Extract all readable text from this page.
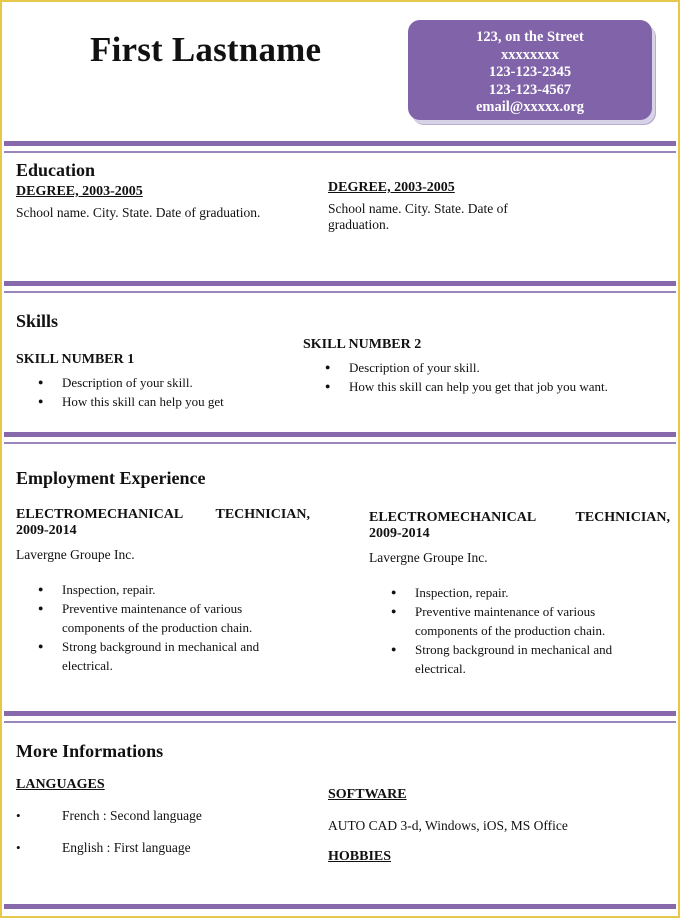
First Lastname	123, on the Street
xxxxxxxx
123-123-2345
123-123-4567
email@xxxxx.org
Education
DEGREE, 2003-2005
School name. City. State. Date of graduation.
DEGREE, 2003-2005
School name. City. State. Date of
graduation.
Skills
SKILL NUMBER 1
● Description of your skill.
● How this skill can help you get
SKILL NUMBER 2
● Description of your skill.
● How this skill can help you get that job you want.
Employment Experience
ELECTROMECHANICAL TECHNICIAN,
2009-2014
Lavergne Groupe Inc.
● Inspection, repair.
● Preventive maintenance of various components of the production chain.
● Strong background in mechanical and electrical.
ELECTROMECHANICAL	TECHNICIAN,
2009-2014
Lavergne Groupe Inc.
● Inspection, repair.
● Preventive maintenance of various components of the production chain.
● Strong background in mechanical and electrical.
More Informations
LANGUAGES
•	French : Second language
•	English : First language
SOFTWARE
AUTO CAD 3-d, Windows, iOS, MS Office
HOBBIES
